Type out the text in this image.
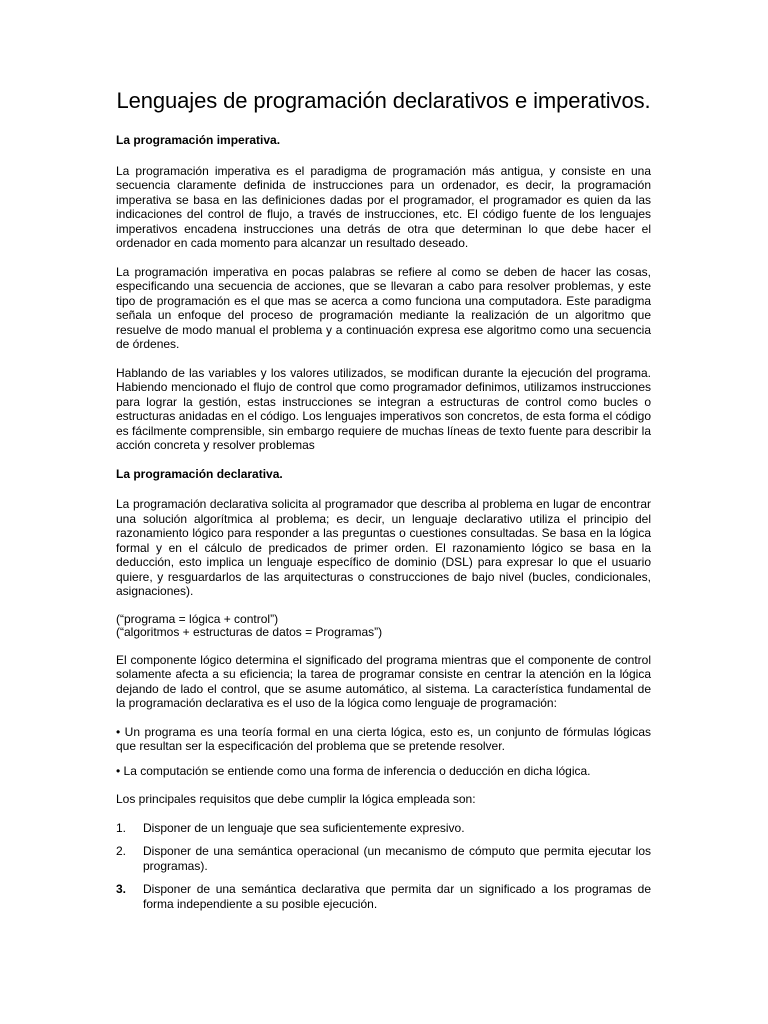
Lenguajes de programación declarativos e imperativos.
La programación imperativa.

La programación imperativa es el paradigma de programación más antigua, y consiste en una secuencia claramente definida de instrucciones para un ordenador, es decir, la programación imperativa se basa en las definiciones dadas por el programador, el programador es quien da las indicaciones del control de flujo, a través de instrucciones, etc. El código fuente de los lenguajes imperativos encadena instrucciones una detrás de otra que determinan lo que debe hacer el ordenador en cada momento para alcanzar un resultado deseado.

La programación imperativa en pocas palabras se refiere al como se deben de hacer las cosas, especificando una secuencia de acciones, que se llevaran a cabo para resolver problemas, y este tipo de programación es el que mas se acerca a como funciona una computadora. Este paradigma señala un enfoque del proceso de programación mediante la realización de un algoritmo que resuelve de modo manual el problema y a continuación expresa ese algoritmo como una secuencia de órdenes.

Hablando de las variables y los valores utilizados, se modifican durante la ejecución del programa. Habiendo mencionado el flujo de control que como programador definimos, utilizamos instrucciones para lograr la gestión, estas instrucciones se integran a estructuras de control como bucles o estructuras anidadas en el código. Los lenguajes imperativos son concretos, de esta forma el código es fácilmente comprensible, sin embargo requiere de muchas líneas de texto fuente para describir la acción concreta y resolver problemas

La programación declarativa.

La programación declarativa solicita al programador que describa al problema en lugar de encontrar una solución algorítmica al problema; es decir, un lenguaje declarativo utiliza el principio del razonamiento lógico para responder a las preguntas o cuestiones consultadas. Se basa en la lógica formal y en el cálculo de predicados de primer orden. El razonamiento lógico se basa en la deducción, esto implica un lenguaje específico de dominio (DSL) para expresar lo que el usuario quiere, y resguardarlos de las arquitecturas o construcciones de bajo nivel (bucles, condicionales, asignaciones).

(“programa = lógica + control”)
(“algoritmos + estructuras de datos = Programas”)

El componente lógico determina el significado del programa mientras que el componente de control solamente afecta a su eficiencia; la tarea de programar consiste en centrar la atención en la lógica dejando de lado el control, que se asume automático, al sistema. La característica fundamental de la programación declarativa es el uso de la lógica como lenguaje de programación:

• Un programa es una teoría formal en una cierta lógica, esto es, un conjunto de fórmulas lógicas que resultan ser la especificación del problema que se pretende resolver.
• La computación se entiende como una forma de inferencia o deducción en dicha lógica.

Los principales requisitos que debe cumplir la lógica empleada son:

1.	Disponer de un lenguaje que sea suficientemente expresivo.
2.	Disponer de una semántica operacional (un mecanismo de cómputo que permita ejecutar los programas).
3.	Disponer de una semántica declarativa que permita dar un significado a los programas de forma independiente a su posible ejecución.
